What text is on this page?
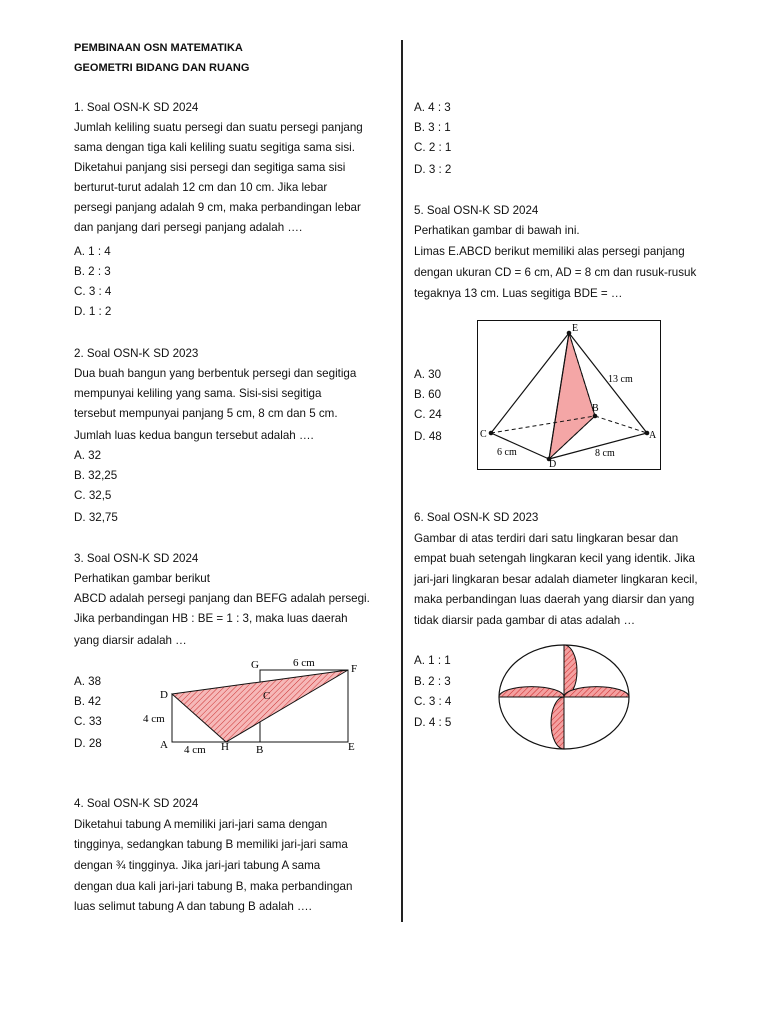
PEMBINAAN OSN MATEMATIKA
GEOMETRI BIDANG DAN RUANG
1. Soal OSN-K SD 2024
Jumlah keliling suatu persegi dan suatu persegi panjang
sama dengan tiga kali keliling suatu segitiga sama sisi.
Diketahui panjang sisi persegi dan segitiga sama sisi
berturut-turut adalah 12 cm dan 10 cm. Jika lebar
persegi panjang adalah 9 cm, maka perbandingan lebar
dan panjang dari persegi panjang adalah ….
A. 1 : 4
B. 2 : 3
C. 3 : 4
D. 1 : 2
2. Soal OSN-K SD 2023
Dua buah bangun yang berbentuk persegi dan segitiga
mempunyai keliling yang sama. Sisi-sisi segitiga
tersebut mempunyai panjang 5 cm, 8 cm dan 5 cm.
Jumlah luas kedua bangun tersebut adalah ….
A. 32
B. 32,25
C. 32,5
D. 32,75
3. Soal OSN-K SD 2024
Perhatikan gambar berikut
ABCD adalah persegi panjang dan BEFG adalah persegi.
Jika perbandingan HB : BE = 1 : 3, maka luas daerah
yang diarsir adalah …
A. 38
B. 42
C. 33
D. 28
G	F
D	C
A	H B	E
6 cm
4 cm
4 cm
4. Soal OSN-K SD 2024
Diketahui tabung A memiliki jari-jari sama dengan
tingginya, sedangkan tabung B memiliki jari-jari sama
dengan ¾ tingginya. Jika jari-jari tabung A sama
dengan dua kali jari-jari tabung B, maka perbandingan
luas selimut tabung A dan tabung B adalah ….
A. 4 : 3
B. 3 : 1
C. 2 : 1
D. 3 : 2
5. Soal OSN-K SD 2024
Perhatikan gambar di bawah ini.
Limas E.ABCD berikut memiliki alas persegi panjang
dengan ukuran CD = 6 cm, AD = 8 cm dan rusuk-rusuk
tegaknya 13 cm. Luas segitiga BDE = …
A. 30
B. 60
C. 24
D. 48
E
B
C	A
D
13 cm
6 cm	8 cm
6. Soal OSN-K SD 2023
Gambar di atas terdiri dari satu lingkaran besar dan
empat buah setengah lingkaran kecil yang identik. Jika
jari-jari lingkaran besar adalah diameter lingkaran kecil,
maka perbandingan luas daerah yang diarsir dan yang
tidak diarsir pada gambar di atas adalah …
A. 1 : 1
B. 2 : 3
C. 3 : 4
D. 4 : 5
